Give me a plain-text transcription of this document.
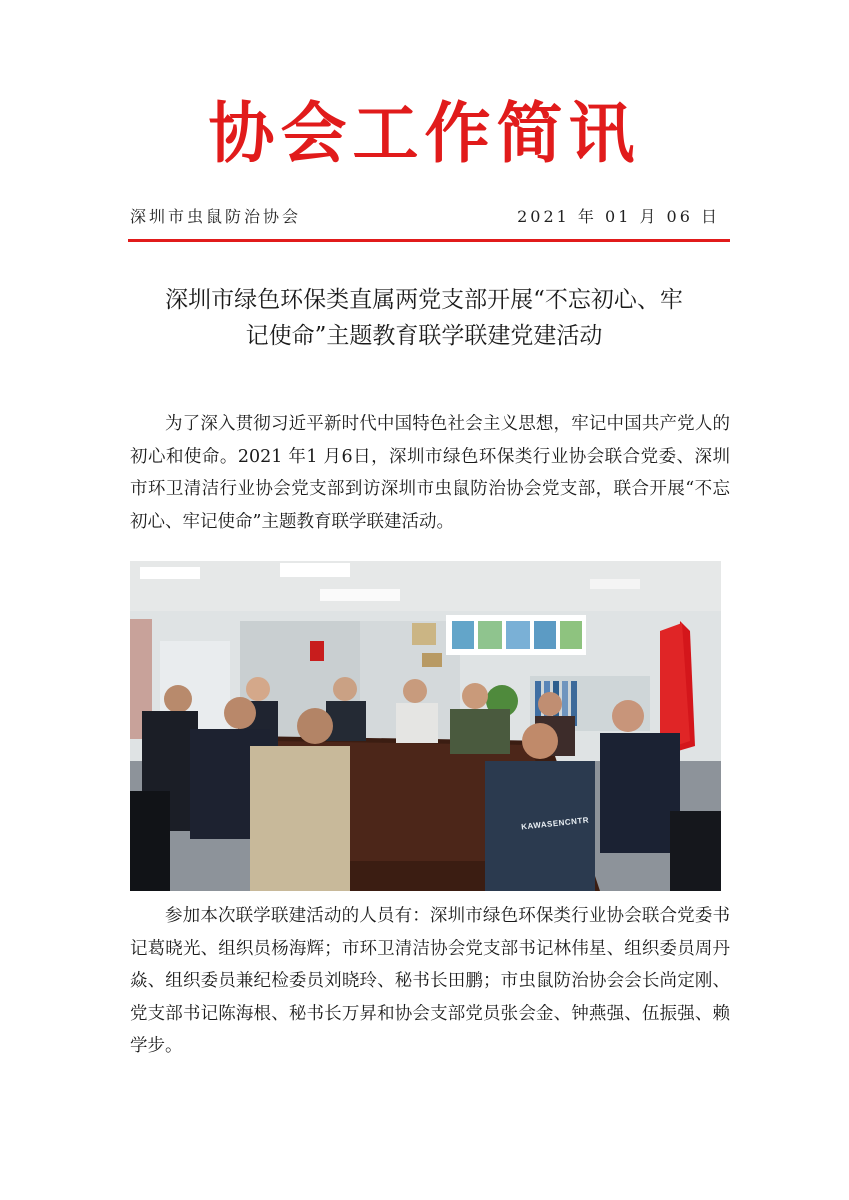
协会工作简讯
深圳市虫鼠防治协会	2021 年 01 月 06 日
深圳市绿色环保类直属两党支部开展“不忘初心、牢
记使命”主题教育联学联建党建活动

为了深入贯彻习近平新时代中国特色社会主义思想，牢记中国共产党人的初心和使命。2021 年1 月6日，深圳市绿色环保类行业协会联合党委、深圳市环卫清洁行业协会党支部到访深圳市虫鼠防治协会党支部，联合开展“不忘初心、牢记使命”主题教育联学联建活动。

KAWASENCNTR

参加本次联学联建活动的人员有：深圳市绿色环保类行业协会联合党委书记葛晓光、组织员杨海辉；市环卫清洁协会党支部书记林伟星、组织委员周丹焱、组织委员兼纪检委员刘晓玲、秘书长田鹏；市虫鼠防治协会会长尚定刚、党支部书记陈海根、秘书长万昇和协会支部党员张会金、钟燕强、伍振强、赖学步。
